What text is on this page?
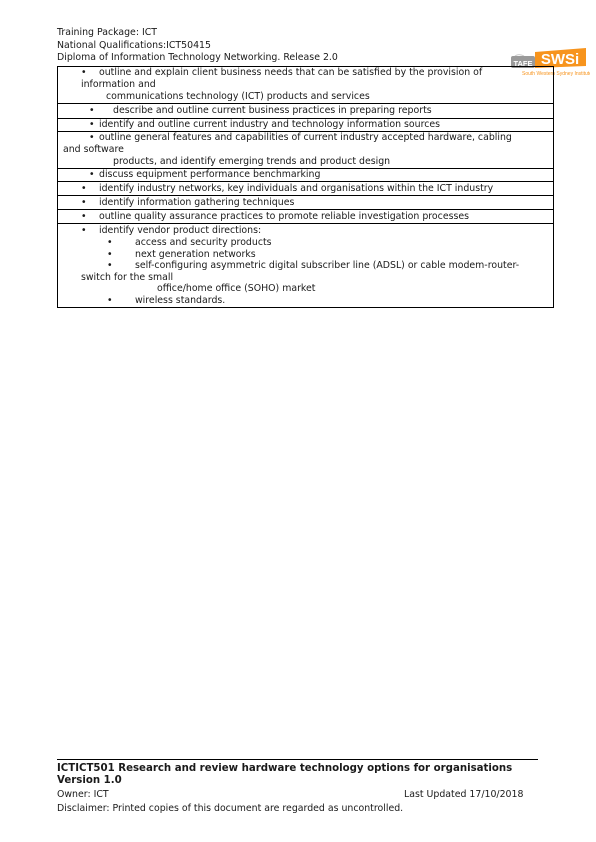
Training Package: ICT
National Qualifications:ICT50415
Diploma of Information Technology Networking. Release 2.0
TAFE SWSi
South Western Sydney Institute
• outline and explain client business needs that can be satisfied by the provision of
information and
communications technology (ICT) products and services
• describe and outline current business practices in preparing reports
• identify and outline current industry and technology information sources
• outline general features and capabilities of current industry accepted hardware, cabling
and software
products, and identify emerging trends and product design
• discuss equipment performance benchmarking
• identify industry networks, key individuals and organisations within the ICT industry
• identify information gathering techniques
• outline quality assurance practices to promote reliable investigation processes
• identify vendor product directions:
• access and security products
• next generation networks
• self-configuring asymmetric digital subscriber line (ADSL) or cable modem-router-
switch for the small
office/home office (SOHO) market
• wireless standards.
ICTICT501 Research and review hardware technology options for organisations
Version 1.0
Owner: ICT	Last Updated 17/10/2018
Disclaimer: Printed copies of this document are regarded as uncontrolled.
